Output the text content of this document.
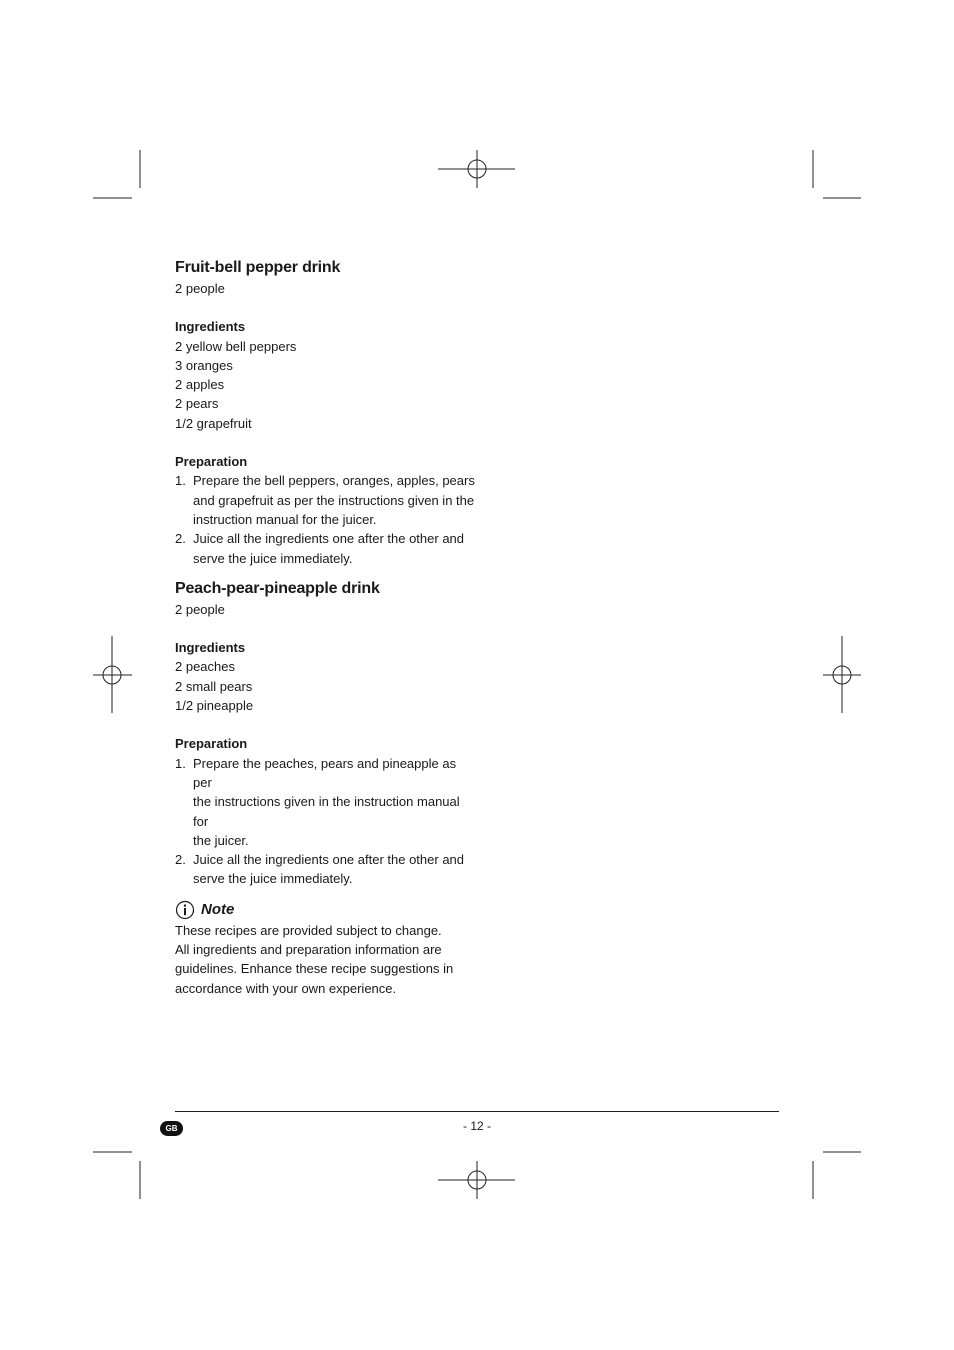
Fruit-bell pepper drink

2 people

Ingredients

2 yellow bell peppers

3 oranges

2 apples

2 pears

1/2 grapefruit

Preparation

1. Prepare the bell peppers, oranges, apples, pears
and grapefruit as per the instructions given in the
instruction manual for the juicer.
2. Juice all the ingredients one after the other and
serve the juice immediately.
Peach-pear-pineapple drink

2 people

Ingredients

2 peaches

2 small pears

1/2 pineapple

Preparation

1. Prepare the peaches, pears and pineapple as per
the instructions given in the instruction manual for
the juicer.
2. Juice all the ingredients one after the other and
serve the juice immediately.
Note

These recipes are provided subject to change.

All ingredients and preparation information are

guidelines. Enhance these recipe suggestions in

accordance with your own experience.

GB	- 12 -
